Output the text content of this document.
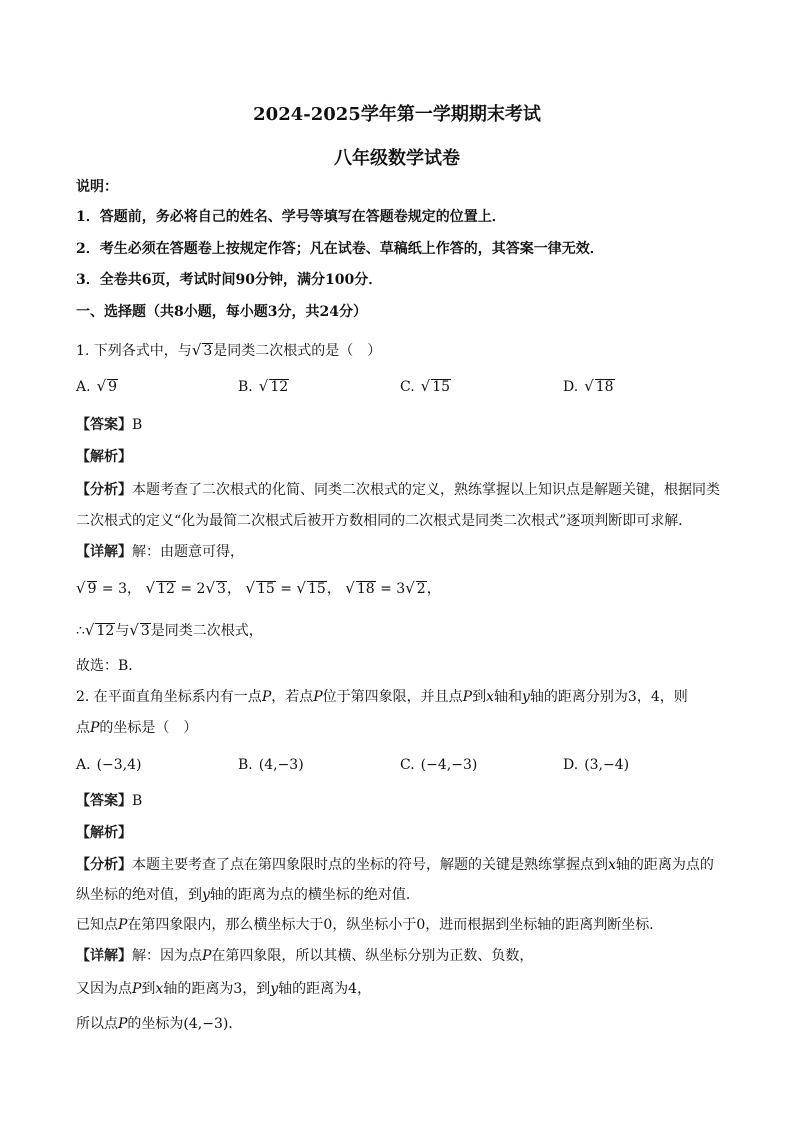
2024-2025学年第一学期期末考试
八年级数学试卷
说明：
1．答题前，务必将自己的姓名、学号等填写在答题卷规定的位置上．
2．考生必须在答题卷上按规定作答；凡在试卷、草稿纸上作答的，其答案一律无效．
3．全卷共6页，考试时间90分钟，满分100分．
一、选择题（共8小题，每小题3分，共24分）
1. 下列各式中，与√ 3是同类二次根式的是（　）
A. √ 9	B. √ 12	C. √ 15	D. √ 18
【答案】B
【解析】
【分析】本题考查了二次根式的化简、同类二次根式的定义，熟练掌握以上知识点是解题关键，根据同类
二次根式的定义“化为最简二次根式后被开方数相同的二次根式是同类二次根式”逐项判断即可求解．
【详解】解：由题意可得，
√ 9 = 3， √ 12 = 2√ 3， √ 15 = √ 15， √ 18 = 3√ 2，
∴√ 12与√ 3是同类二次根式，
故选：B．
2. 在平面直角坐标系内有一点P，若点P位于第四象限，并且点P到x轴和y轴的距离分别为3，4，则
点P的坐标是（　）
A. (−3,4)	B. (4,−3)	C. (−4,−3)	D. (3,−4)
【答案】B
【解析】
【分析】本题主要考查了点在第四象限时点的坐标的符号，解题的关键是熟练掌握点到x轴的距离为点的
纵坐标的绝对值，到y轴的距离为点的横坐标的绝对值．
已知点P在第四象限内，那么横坐标大于0，纵坐标小于0，进而根据到坐标轴的距离判断坐标．
【详解】解：因为点P在第四象限，所以其横、纵坐标分别为正数、负数，
又因为点P到x轴的距离为3，到y轴的距离为4，
所以点P的坐标为(4,−3)．
